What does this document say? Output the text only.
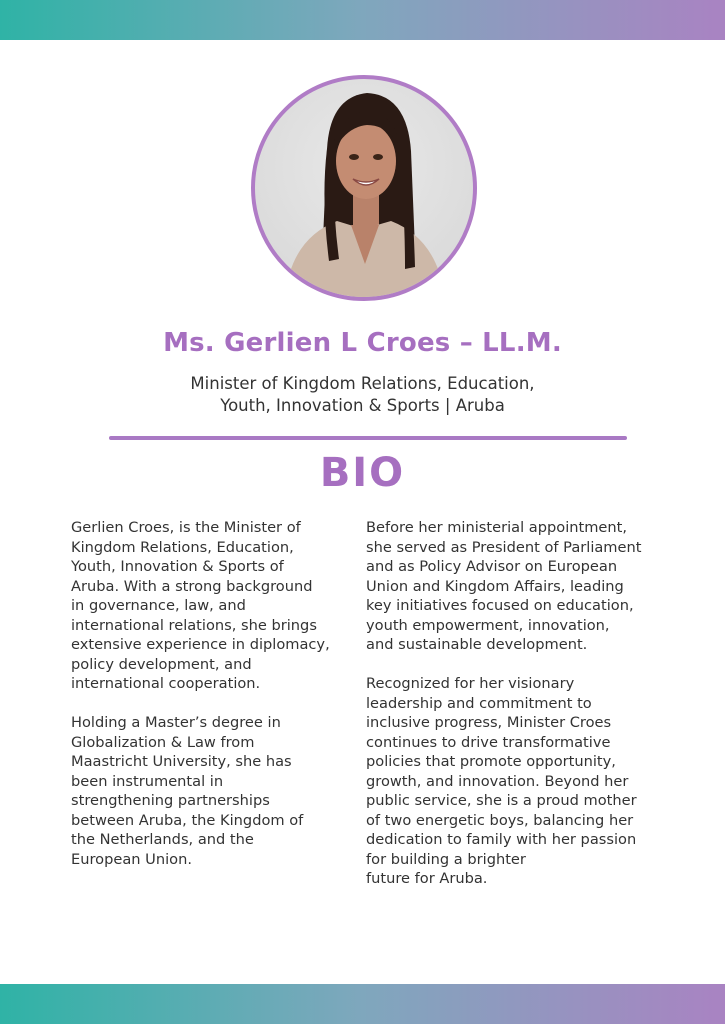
Ms. Gerlien L Croes – LL.M.
Minister of Kingdom Relations, Education,
Youth, Innovation & Sports | Aruba
BIO
Gerlien Croes, is the Minister of
Kingdom Relations, Education,
Youth, Innovation & Sports of
Aruba. With a strong background
in governance, law, and
international relations, she brings
extensive experience in diplomacy,
policy development, and
international cooperation.
Holding a Master’s degree in
Globalization & Law from
Maastricht University, she has
been instrumental in
strengthening partnerships
between Aruba, the Kingdom of
the Netherlands, and the
European Union.
Before her ministerial appointment,
she served as President of Parliament
and as Policy Advisor on European
Union and Kingdom Affairs, leading
key initiatives focused on education,
youth empowerment, innovation,
and sustainable development.
Recognized for her visionary
leadership and commitment to
inclusive progress, Minister Croes
continues to drive transformative
policies that promote opportunity,
growth, and innovation. Beyond her
public service, she is a proud mother
of two energetic boys, balancing her
dedication to family with her passion
for building a brighter
future for Aruba.
